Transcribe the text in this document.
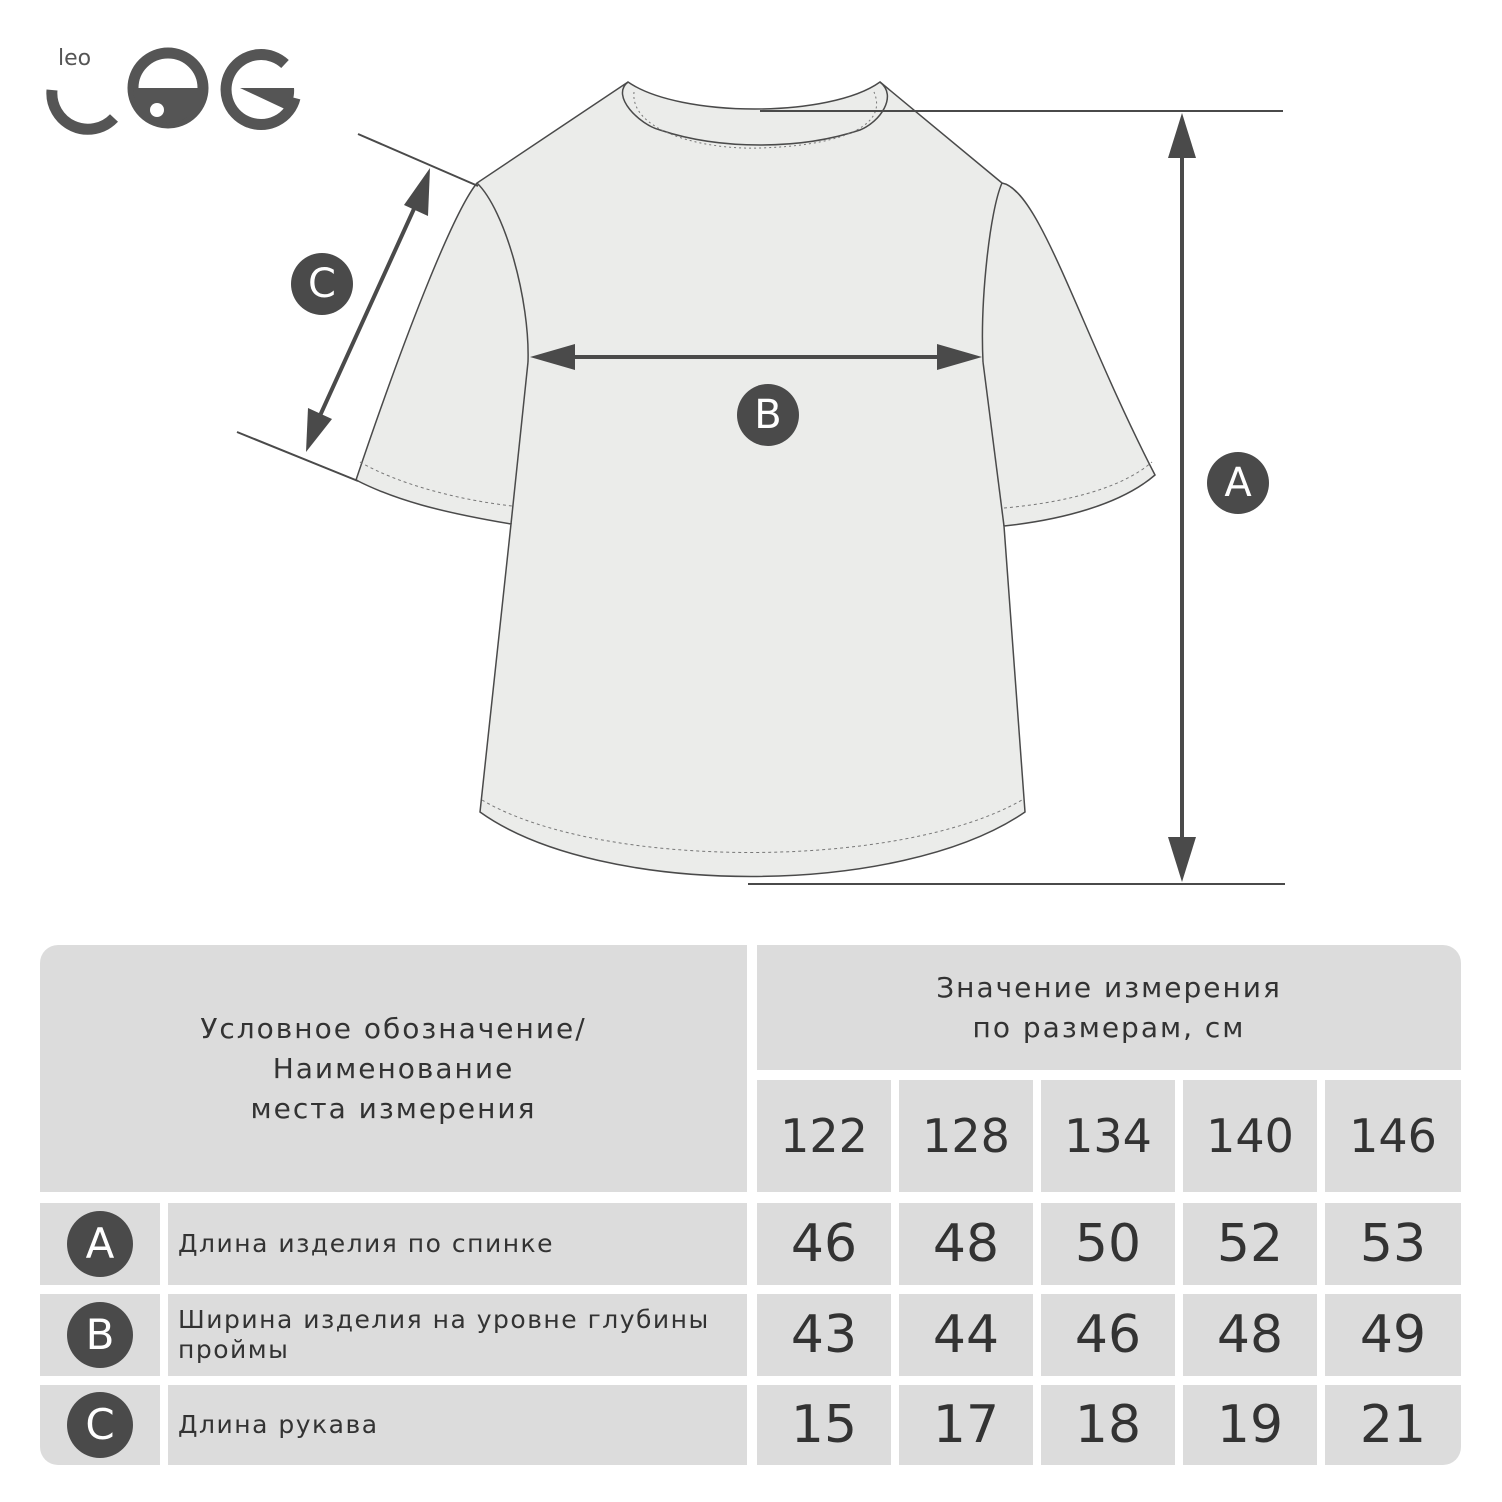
leo
A
B
C
Условное обозначение/
Наименование
места измерения
Значение измерения
по размерам, см
122	128	134	140	146
A	Длина изделия по спинке	46	48	50	52	53
B	Ширина изделия на уровне глубины проймы	43	44	46	48	49
C	Длина рукава	15	17	18	19	21
